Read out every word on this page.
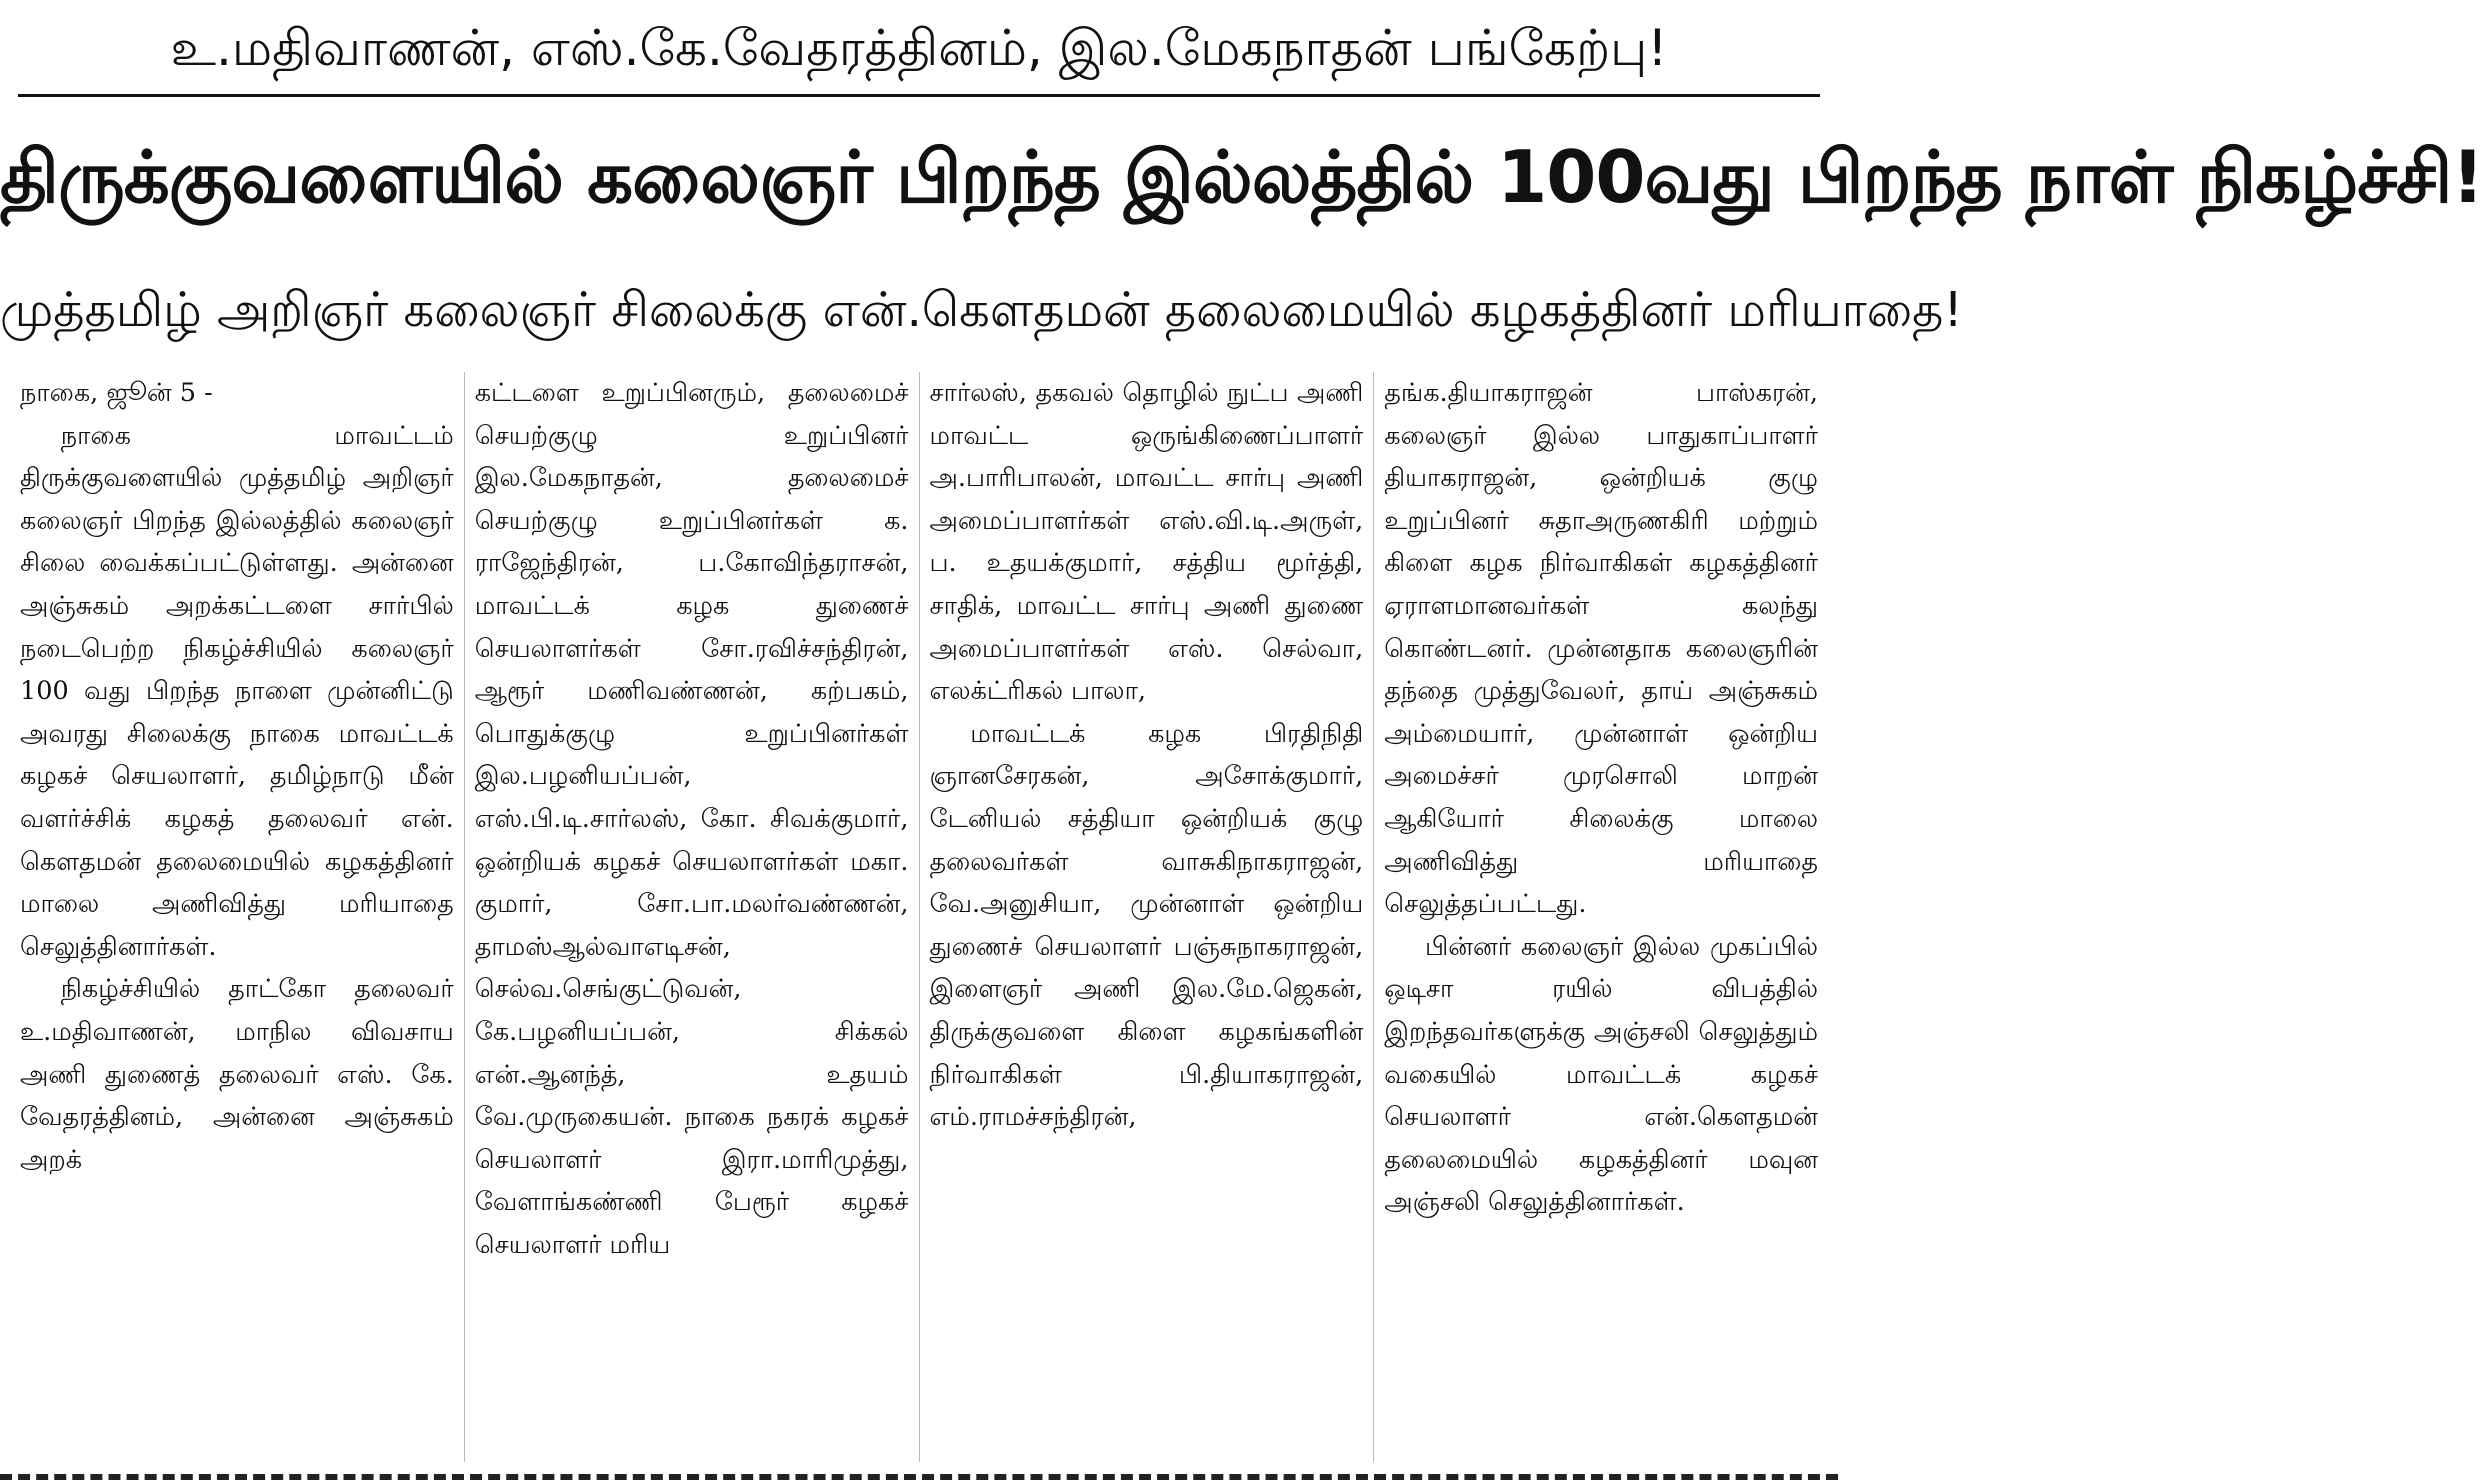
உ.மதிவாணன், எஸ்.கே.வேதரத்தினம், இல.மேகநாதன் பங்கேற்பு!
திருக்குவளையில் கலைஞர் பிறந்த இல்லத்தில் 100வது பிறந்த நாள் நிகழ்ச்சி!
முத்தமிழ் அறிஞர் கலைஞர் சிலைக்கு என்.கௌதமன் தலைமையில் கழகத்தினர் மரியாதை!

நாகை, ஜூன் 5 -

நாகை மாவட்டம் திருக்குவளையில் முத்தமிழ் அறிஞர் கலைஞர் பிறந்த இல்லத்தில் கலைஞர் சிலை வைக்கப்பட்டுள்ளது. அன்னை அஞ்சுகம் அறக்கட்டளை சார்பில் நடைபெற்ற நிகழ்ச்சியில் கலைஞர் 100 வது பிறந்த நாளை முன்னிட்டு அவரது சிலைக்கு நாகை மாவட்டக் கழகச் செயலாளர், தமிழ்நாடு மீன் வளர்ச்சிக் கழகத் தலைவர் என். கௌதமன் தலைமையில் கழகத்தினர் மாலை அணிவித்து மரியாதை செலுத்தினார்கள்.

நிகழ்ச்சியில் தாட்கோ தலைவர் உ.மதிவாணன், மாநில விவசாய அணி துணைத் தலைவர் எஸ். கே. வேதரத்தினம், அன்னை அஞ்சுகம் அறக்

கட்டளை உறுப்பினரும், தலைமைச் செயற்குழு உறுப்பினர் இல.மேகநாதன், தலைமைச் செயற்குழு உறுப்பினர்கள் க. ராஜேந்திரன், ப.கோவிந்தராசன், மாவட்டக் கழக துணைச் செயலாளர்கள் சோ.ரவிச்சந்திரன், ஆரூர் மணிவண்ணன், கற்பகம், பொதுக்குழு உறுப்பினர்கள் இல.பழனியப்பன், எஸ்.பி.டி.சார்லஸ், கோ. சிவக்குமார், ஒன்றியக் கழகச் செயலாளர்கள் மகா. குமார், சோ.பா.மலர்வண்ணன், தாமஸ்ஆல்வாஎடிசன், செல்வ.செங்குட்டுவன், கே.பழனியப்பன், சிக்கல் என்.ஆனந்த், உதயம் வே.முருகையன். நாகை நகரக் கழகச் செயலாளர் இரா.மாரிமுத்து, வேளாங்கண்ணி பேரூர் கழகச் செயலாளர் மரிய

சார்லஸ், தகவல் தொழில் நுட்ப அணி மாவட்ட ஒருங்கிணைப்பாளர் அ.பாரிபாலன், மாவட்ட சார்பு அணி அமைப்பாளர்கள் எஸ்.வி.டி.அருள், ப. உதயக்குமார், சத்திய மூர்த்தி, சாதிக், மாவட்ட சார்பு அணி துணை அமைப்பாளர்கள் எஸ். செல்வா, எலக்ட்ரிகல் பாலா,

மாவட்டக் கழக பிரதிநிதி ஞானசேரகன், அசோக்குமார், டேனியல் சத்தியா ஒன்றியக் குழு தலைவர்கள் வாசுகிநாகராஜன், வே.அனுசியா, முன்னாள் ஒன்றிய துணைச் செயலாளர் பஞ்சுநாகராஜன், இளைஞர் அணி இல.மே.ஜெகன், திருக்குவளை கிளை கழகங்களின் நிர்வாகிகள் பி.தியாகராஜன், எம்.ராமச்சந்திரன்,

தங்க.தியாகராஜன் பாஸ்கரன், கலைஞர் இல்ல பாதுகாப்பாளர் தியாகராஜன், ஒன்றியக் குழு உறுப்பினர் சுதாஅருணகிரி மற்றும் கிளை கழக நிர்வாகிகள் கழகத்தினர் ஏராளமானவர்கள் கலந்து கொண்டனர். முன்னதாக கலைஞரின் தந்தை முத்துவேலர், தாய் அஞ்சுகம் அம்மையார், முன்னாள் ஒன்றிய அமைச்சர் முரசொலி மாறன் ஆகியோர் சிலைக்கு மாலை அணிவித்து மரியாதை செலுத்தப்பட்டது.

பின்னர் கலைஞர் இல்ல முகப்பில் ஒடிசா ரயில் விபத்தில் இறந்தவர்களுக்கு அஞ்சலி செலுத்தும் வகையில் மாவட்டக் கழகச் செயலாளர் என்.கௌதமன் தலைமையில் கழகத்தினர் மவுன அஞ்சலி செலுத்தினார்கள்.
